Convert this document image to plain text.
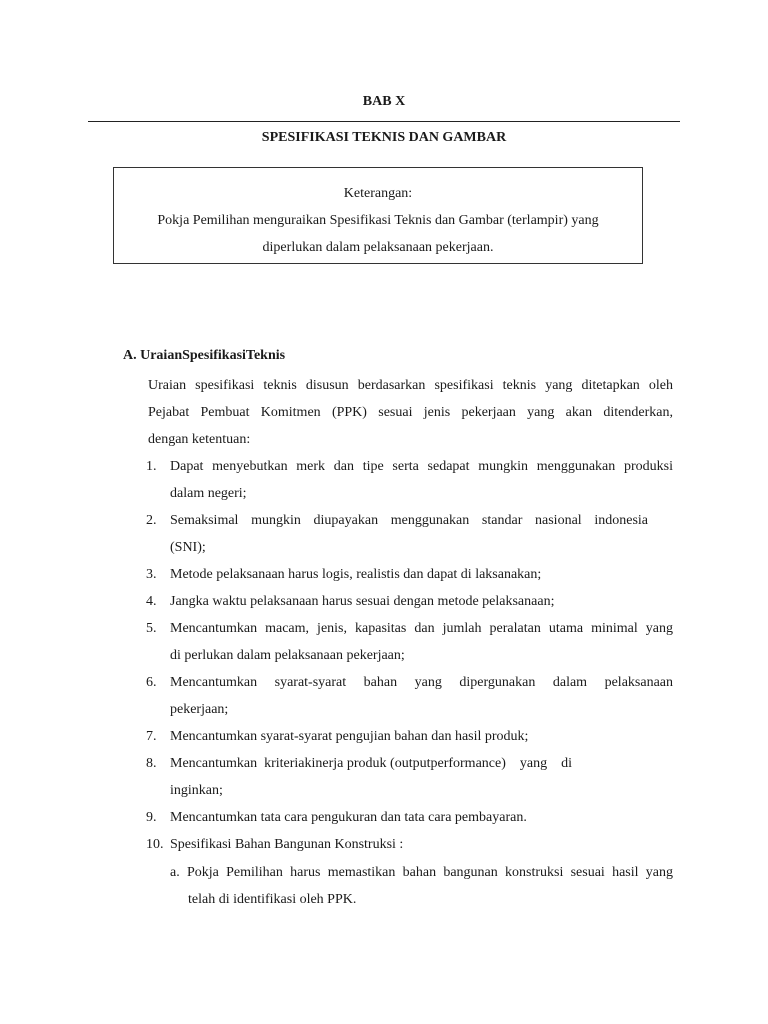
BAB X
SPESIFIKASI TEKNIS DAN GAMBAR
Keterangan:
Pokja Pemilihan menguraikan Spesifikasi Teknis dan Gambar (terlampir) yang
diperlukan dalam pelaksanaan pekerjaan.
A. UraianSpesifikasiTeknis
Uraian spesifikasi teknis disusun berdasarkan spesifikasi teknis yang ditetapkan oleh
Pejabat Pembuat Komitmen (PPK) sesuai jenis pekerjaan yang akan ditenderkan,
dengan ketentuan:
1. Dapat menyebutkan merk dan tipe serta sedapat mungkin menggunakan produksi
dalam negeri;
2. Semaksimal mungkin diupayakan menggunakan standar nasional indonesia
(SNI);
3. Metode pelaksanaan harus logis, realistis dan dapat di laksanakan;
4. Jangka waktu pelaksanaan harus sesuai dengan metode pelaksanaan;
5. Mencantumkan macam, jenis, kapasitas dan jumlah peralatan utama minimal yang
di perlukan dalam pelaksanaan pekerjaan;
6. Mencantumkan syarat-syarat bahan yang dipergunakan dalam pelaksanaan
pekerjaan;
7. Mencantumkan syarat-syarat pengujian bahan dan hasil produk;
8. Mencantumkan  kriteriakinerja produk (outputperformance)    yang    di
inginkan;
9. Mencantumkan tata cara pengukuran dan tata cara pembayaran.
10. Spesifikasi Bahan Bangunan Konstruksi :
a. Pokja Pemilihan harus memastikan bahan bangunan konstruksi sesuai hasil yang
telah di identifikasi oleh PPK.
